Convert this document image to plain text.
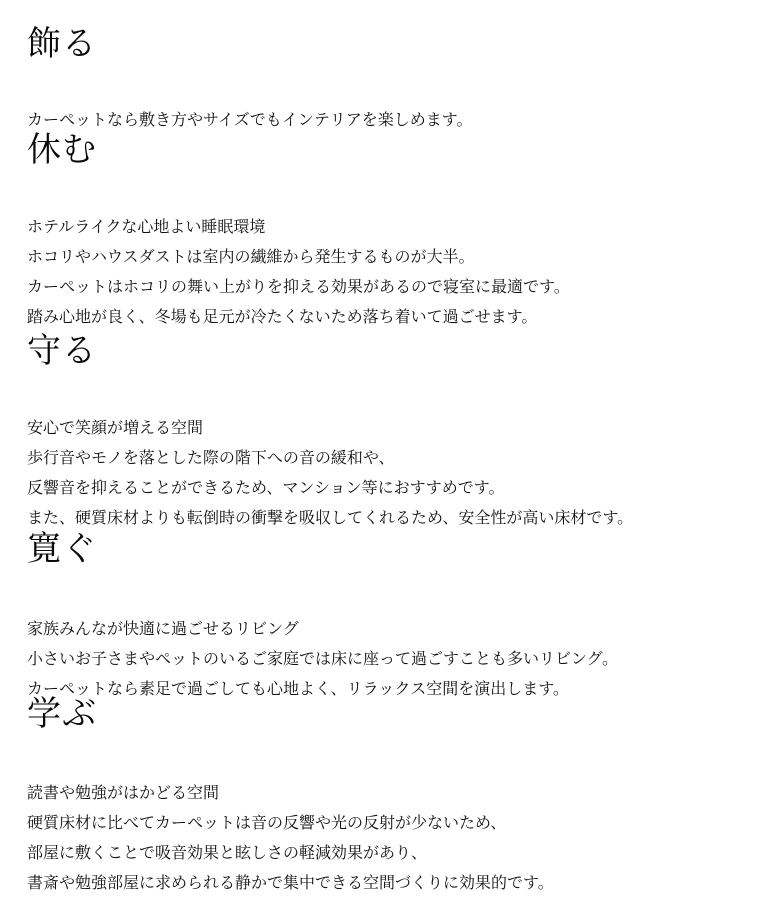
飾る
カーペットなら敷き方やサイズでもインテリアを楽しめます。
休む
ホテルライクな心地よい睡眠環境
ホコリやハウスダストは室内の繊維から発生するものが大半。
カーペットはホコリの舞い上がりを抑える効果があるので寝室に最適です。
踏み心地が良く、冬場も足元が冷たくないため落ち着いて過ごせます。
守る
安心で笑顔が増える空間
歩行音やモノを落とした際の階下への音の緩和や、
反響音を抑えることができるため、マンション等におすすめです。
また、硬質床材よりも転倒時の衝撃を吸収してくれるため、安全性が高い床材です。
寛ぐ
家族みんなが快適に過ごせるリビング
小さいお子さまやペットのいるご家庭では床に座って過ごすことも多いリビング。
カーペットなら素足で過ごしても心地よく、リラックス空間を演出します。
学ぶ
読書や勉強がはかどる空間
硬質床材に比べてカーペットは音の反響や光の反射が少ないため、
部屋に敷くことで吸音効果と眩しさの軽減効果があり、
書斎や勉強部屋に求められる静かで集中できる空間づくりに効果的です。
